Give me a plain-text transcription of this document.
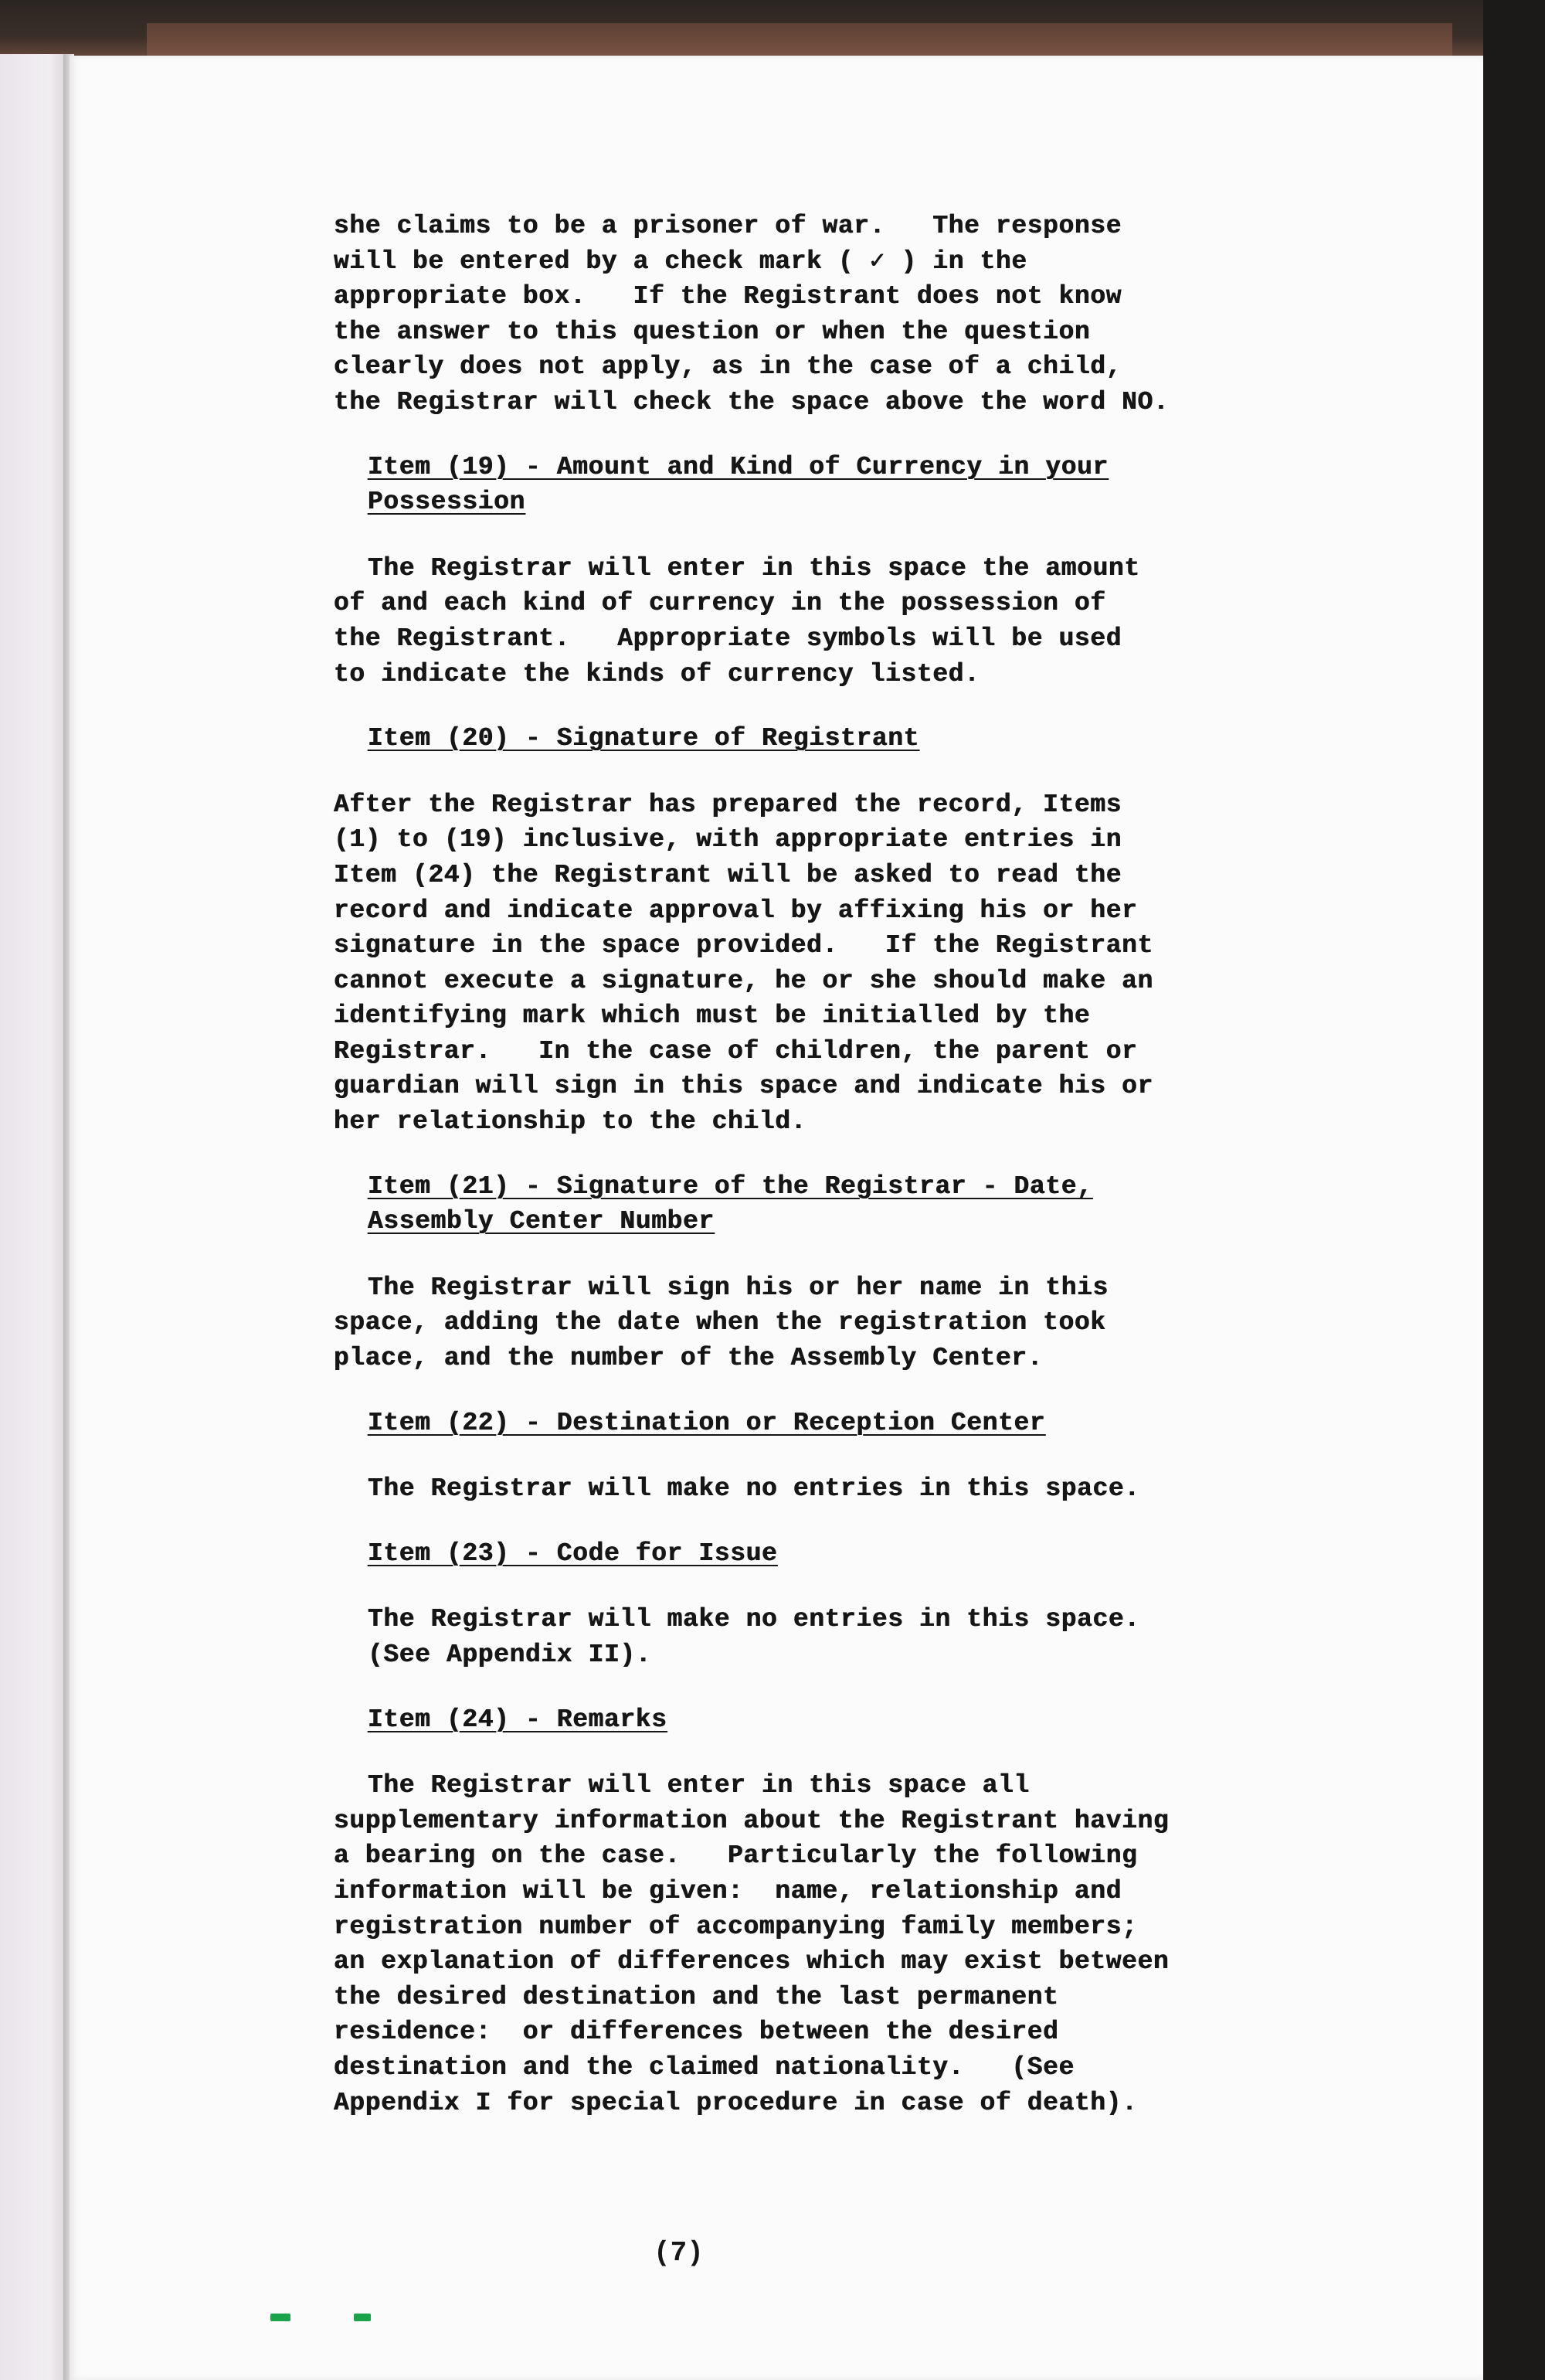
she claims to be a prisoner of war.   The response

will be entered by a check mark ( ✓ ) in the

appropriate box.   If the Registrant does not know

the answer to this question or when the question

clearly does not apply, as in the case of a child,

the Registrar will check the space above the word NO.

Item (19) - Amount and Kind of Currency in your

Possession

The Registrar will enter in this space the amount

of and each kind of currency in the possession of

the Registrant.   Appropriate symbols will be used

to indicate the kinds of currency listed.

Item (20) - Signature of Registrant

After the Registrar has prepared the record, Items

(1) to (19) inclusive, with appropriate entries in

Item (24) the Registrant will be asked to read the

record and indicate approval by affixing his or her

signature in the space provided.   If the Registrant

cannot execute a signature, he or she should make an

identifying mark which must be initialled by the

Registrar.   In the case of children, the parent or

guardian will sign in this space and indicate his or

her relationship to the child.

Item (21) - Signature of the Registrar - Date,

Assembly Center Number

The Registrar will sign his or her name in this

space, adding the date when the registration took

place, and the number of the Assembly Center.

Item (22) - Destination or Reception Center

The Registrar will make no entries in this space.

Item (23) - Code for Issue

The Registrar will make no entries in this space.

(See Appendix II).

Item (24) - Remarks

The Registrar will enter in this space all

supplementary information about the Registrant having

a bearing on the case.   Particularly the following

information will be given:  name, relationship and

registration number of accompanying family members;

an explanation of differences which may exist between

the desired destination and the last permanent

residence:  or differences between the desired

destination and the claimed nationality.   (See

Appendix I for special procedure in case of death).

(7)
